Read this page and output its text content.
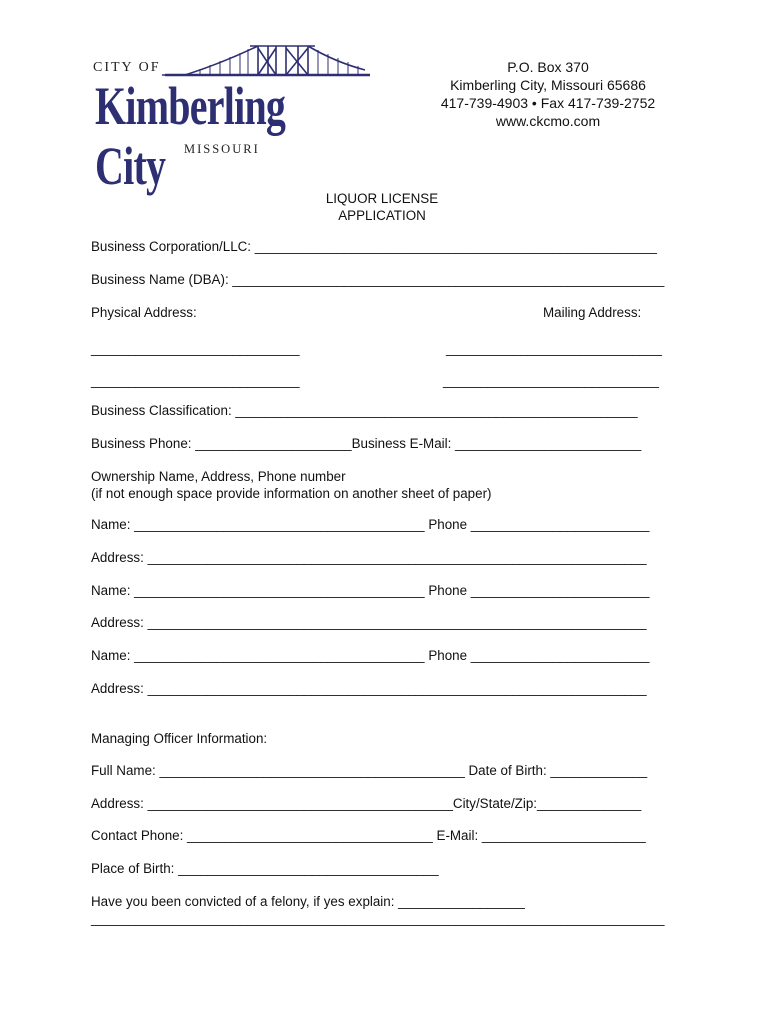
CITY OF
Kimberling City	MISSOURI
P.O. Box 370
Kimberling City, Missouri 65686
417-739-4903 • Fax 417-739-2752
www.ckcmo.com
LIQUOR LICENSE
APPLICATION
Business Corporation/LLC: ______________________________________________________
Business Name (DBA): __________________________________________________________
Physical Address:	Mailing Address:
____________________________	_____________________________
____________________________	_____________________________
Business Classification: ______________________________________________________
Business Phone: _____________________Business E-Mail: _________________________
Ownership Name, Address, Phone number
(if not enough space provide information on another sheet of paper)
Name: _______________________________________ Phone ________________________
Address: ___________________________________________________________________
Name: _______________________________________ Phone ________________________
Address: ___________________________________________________________________
Name: _______________________________________ Phone ________________________
Address: ___________________________________________________________________
Managing Officer Information:
Full Name: _________________________________________ Date of Birth: _____________
Address: _________________________________________City/State/Zip:______________
Contact Phone: _________________________________ E-Mail: ______________________
Place of Birth: ___________________________________
Have you been convicted of a felony, if yes explain: _________________
_____________________________________________________________________________
